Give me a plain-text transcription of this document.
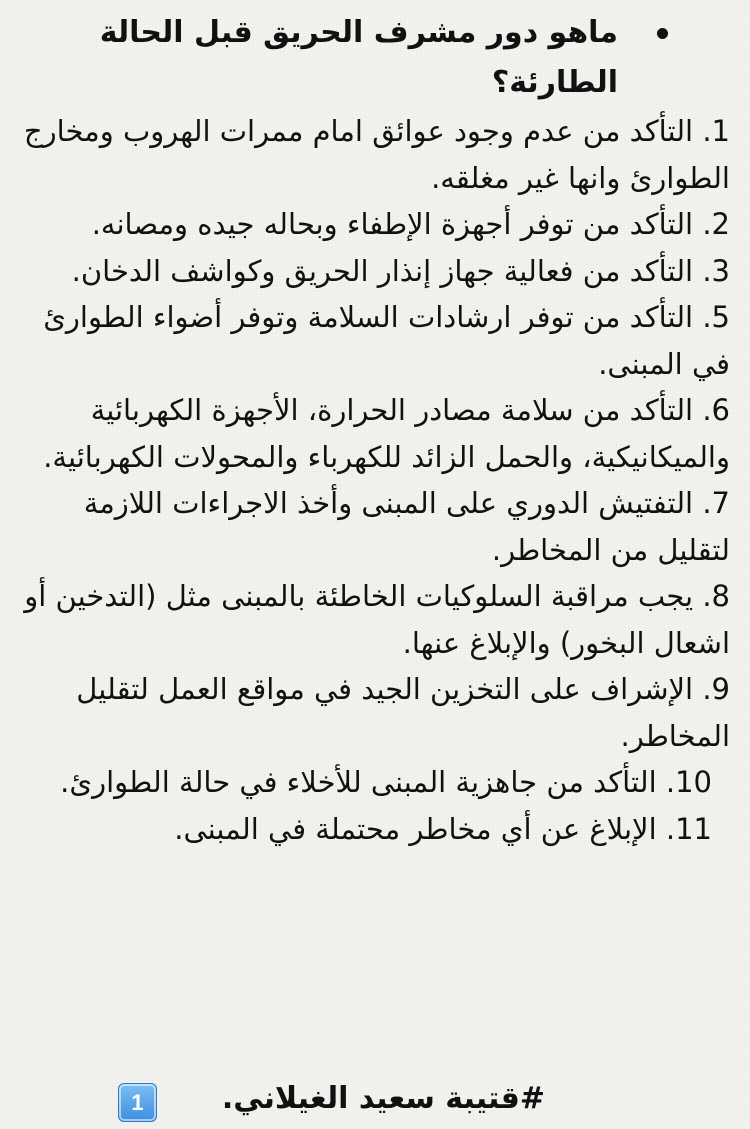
ماهو دور مشرف الحريق قبل الحالة الطارئة؟
1. التأكد من عدم وجود عوائق امام ممرات الهروب ومخارج الطوارئ وانها غير مغلقه.
2. التأكد من توفر أجهزة الإطفاء وبحاله جيده ومصانه.
3. التأكد من فعالية جهاز إنذار الحريق وكواشف الدخان.
5. التأكد من توفر ارشادات السلامة وتوفر أضواء الطوارئ في المبنى.
6. التأكد من سلامة مصادر الحرارة، الأجهزة الكهربائية والميكانيكية، والحمل الزائد للكهرباء والمحولات الكهربائية.
7. التفتيش الدوري على المبنى وأخذ الاجراءات اللازمة لتقليل من المخاطر.
8. يجب مراقبة السلوكيات الخاطئة بالمبنى مثل (التدخين أو اشعال البخور) والإبلاغ عنها.
9. الإشراف على التخزين الجيد في مواقع العمل لتقليل المخاطر.
10. التأكد من جاهزية المبنى للأخلاء في حالة الطوارئ.
11. الإبلاغ عن أي مخاطر محتملة في المبنى.
#قتيبة سعيد الغيلاني.
1
